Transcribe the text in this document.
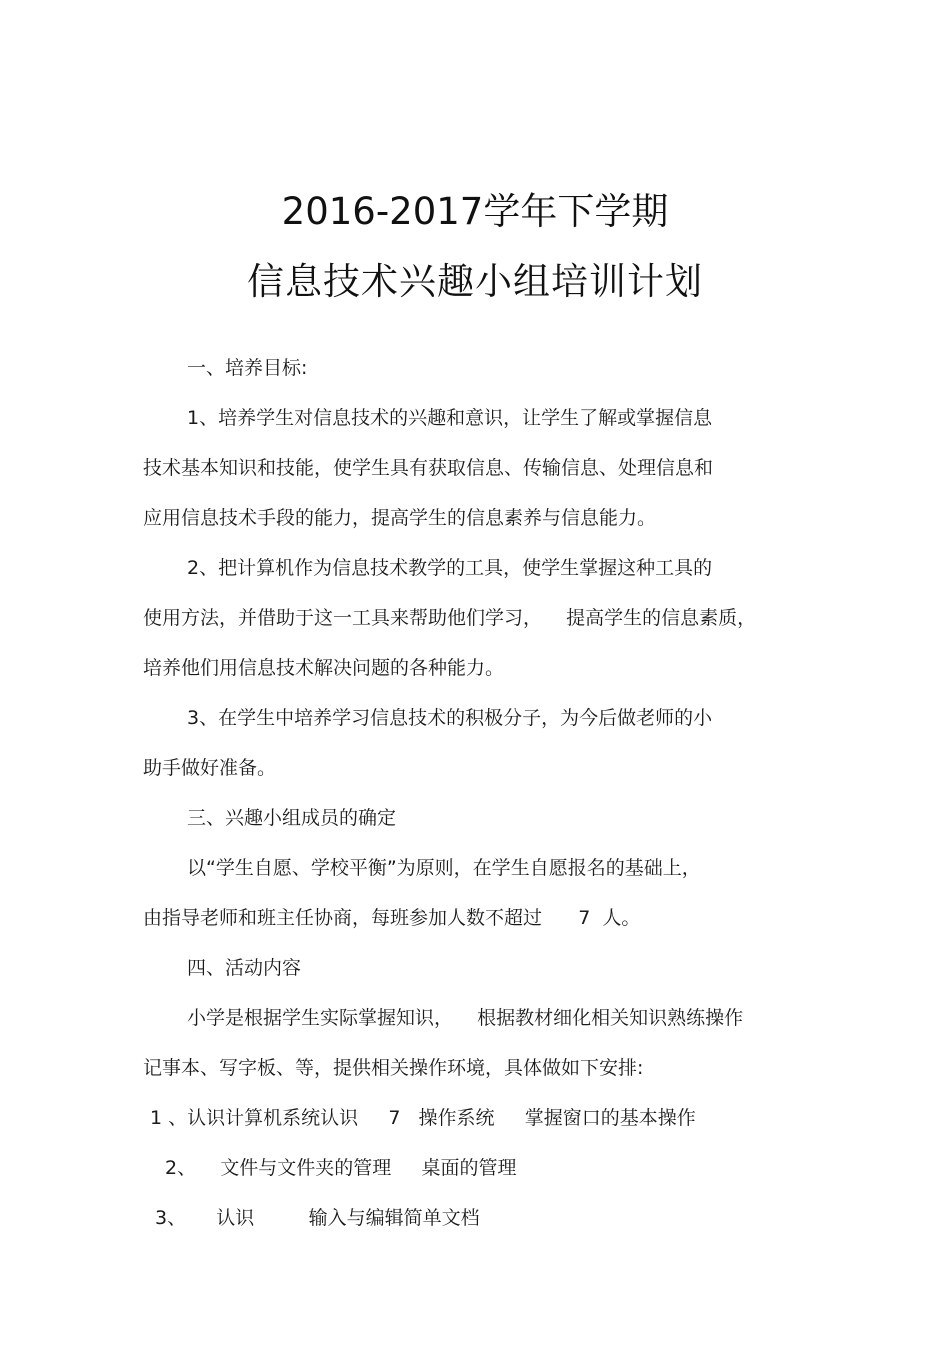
2016-2017学年下学期
信息技术兴趣小组培训计划

一、培养目标:

1、培养学生对信息技术的兴趣和意识，让学生了解或掌握信息

技术基本知识和技能，使学生具有获取信息、传输信息、处理信息和

应用信息技术手段的能力，提高学生的信息素养与信息能力。

2、把计算机作为信息技术教学的工具，使学生掌握这种工具的

使用方法，并借助于这一工具来帮助他们学习，    提高学生的信息素质，

培养他们用信息技术解决问题的各种能力。

3、在学生中培养学习信息技术的积极分子，为今后做老师的小

助手做好准备。

三、兴趣小组成员的确定

以“学生自愿、学校平衡”为原则，在学生自愿报名的基础上，

由指导老师和班主任协商，每班参加人数不超过      7  人。

四、活动内容

小学是根据学生实际掌握知识，    根据教材细化相关知识熟练操作

记事本、写字板、等，提供相关操作环境，具体做如下安排:

1 、认识计算机系统认识     7   操作系统     掌握窗口的基本操作

2、    文件与文件夹的管理     桌面的管理

3、     认识         输入与编辑简单文档
